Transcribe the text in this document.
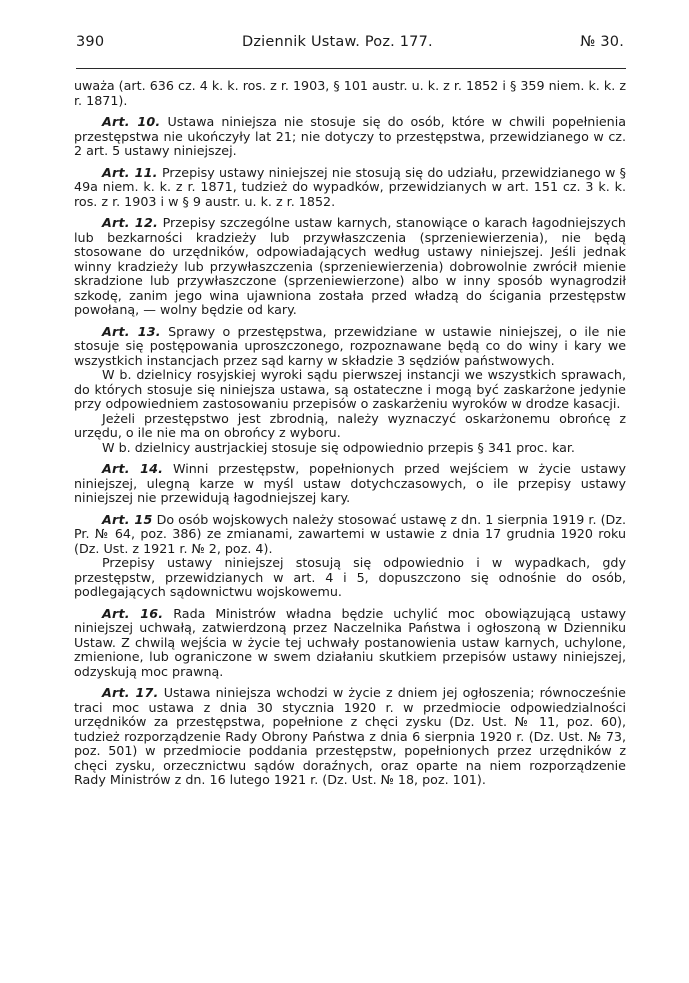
390	Dziennik Ustaw. Poz. 177.	№ 30.

uważa (art. 636 cz. 4 k. k. ros. z r. 1903, § 101 austr. u. k. z r. 1852 i § 359 niem. k. k. z r. 1871).

Art. 10. Ustawa niniejsza nie stosuje się do osób, które w chwili popełnienia przestępstwa nie ukończyły lat 21; nie dotyczy to przestępstwa, przewidzianego w cz. 2 art. 5 ustawy niniejszej.

Art. 11. Przepisy ustawy niniejszej nie stosują się do udziału, przewidzianego w § 49a niem. k. k. z r. 1871, tudzież do wypadków, przewidzianych w art. 151 cz. 3 k. k. ros. z r. 1903 i w § 9 austr. u. k. z r. 1852.

Art. 12. Przepisy szczególne ustaw karnych, stanowiące o karach łagodniejszych lub bezkarności kradzieży lub przywłaszczenia (sprzeniewierzenia), nie będą stosowane do urzędników, odpowiadających według ustawy niniejszej. Jeśli jednak winny kradzieży lub przywłaszczenia (sprzeniewierzenia) dobrowolnie zwrócił mienie skradzione lub przywłaszczone (sprzeniewierzone) albo w inny sposób wynagrodził szkodę, zanim jego wina ujawniona została przed władzą do ścigania przestępstw powołaną, — wolny będzie od kary.

Art. 13. Sprawy o przestępstwa, przewidziane w ustawie niniejszej, o ile nie stosuje się postępowania uproszczonego, rozpoznawane będą co do winy i kary we wszystkich instancjach przez sąd karny w składzie 3 sędziów państwowych.

W b. dzielnicy rosyjskiej wyroki sądu pierwszej instancji we wszystkich sprawach, do których stosuje się niniejsza ustawa, są ostateczne i mogą być zaskarżone jedynie przy odpowiedniem zastosowaniu przepisów o zaskarżeniu wyroków w drodze kasacji.

Jeżeli przestępstwo jest zbrodnią, należy wyznaczyć oskarżonemu obrońcę z urzędu, o ile nie ma on obrońcy z wyboru.

W b. dzielnicy austrjackiej stosuje się odpowiednio przepis § 341 proc. kar.

Art. 14. Winni przestępstw, popełnionych przed wejściem w życie ustawy niniejszej, ulegną karze w myśl ustaw dotychczasowych, o ile przepisy ustawy niniejszej nie przewidują łagodniejszej kary.

Art. 15 Do osób wojskowych należy stosować ustawę z dn. 1 sierpnia 1919 r. (Dz. Pr. № 64, poz. 386) ze zmianami, zawartemi w ustawie z dnia 17 grudnia 1920 roku (Dz. Ust. z 1921 r. № 2, poz. 4).

Przepisy ustawy niniejszej stosują się odpowiednio i w wypadkach, gdy przestępstw, przewidzianych w art. 4 i 5, dopuszczono się odnośnie do osób, podlegających sądownictwu wojskowemu.

Art. 16. Rada Ministrów władna będzie uchylić moc obowiązującą ustawy niniejszej uchwałą, zatwierdzoną przez Naczelnika Państwa i ogłoszoną w Dzienniku Ustaw. Z chwilą wejścia w życie tej uchwały postanowienia ustaw karnych, uchylone, zmienione, lub ograniczone w swem działaniu skutkiem przepisów ustawy niniejszej, odzyskują moc prawną.

Art. 17. Ustawa niniejsza wchodzi w życie z dniem jej ogłoszenia; równocześnie traci moc ustawa z dnia 30 stycznia 1920 r. w przedmiocie odpowiedzialności urzędników za przestępstwa, popełnione z chęci zysku (Dz. Ust. № 11, poz. 60), tudzież rozporządzenie Rady Obrony Państwa z dnia 6 sierpnia 1920 r. (Dz. Ust. № 73, poz. 501) w przedmiocie poddania przestępstw, popełnionych przez urzędników z chęci zysku, orzecznictwu sądów doraźnych, oraz oparte na niem rozporządzenie Rady Ministrów z dn. 16 lutego 1921 r. (Dz. Ust. № 18, poz. 101).
